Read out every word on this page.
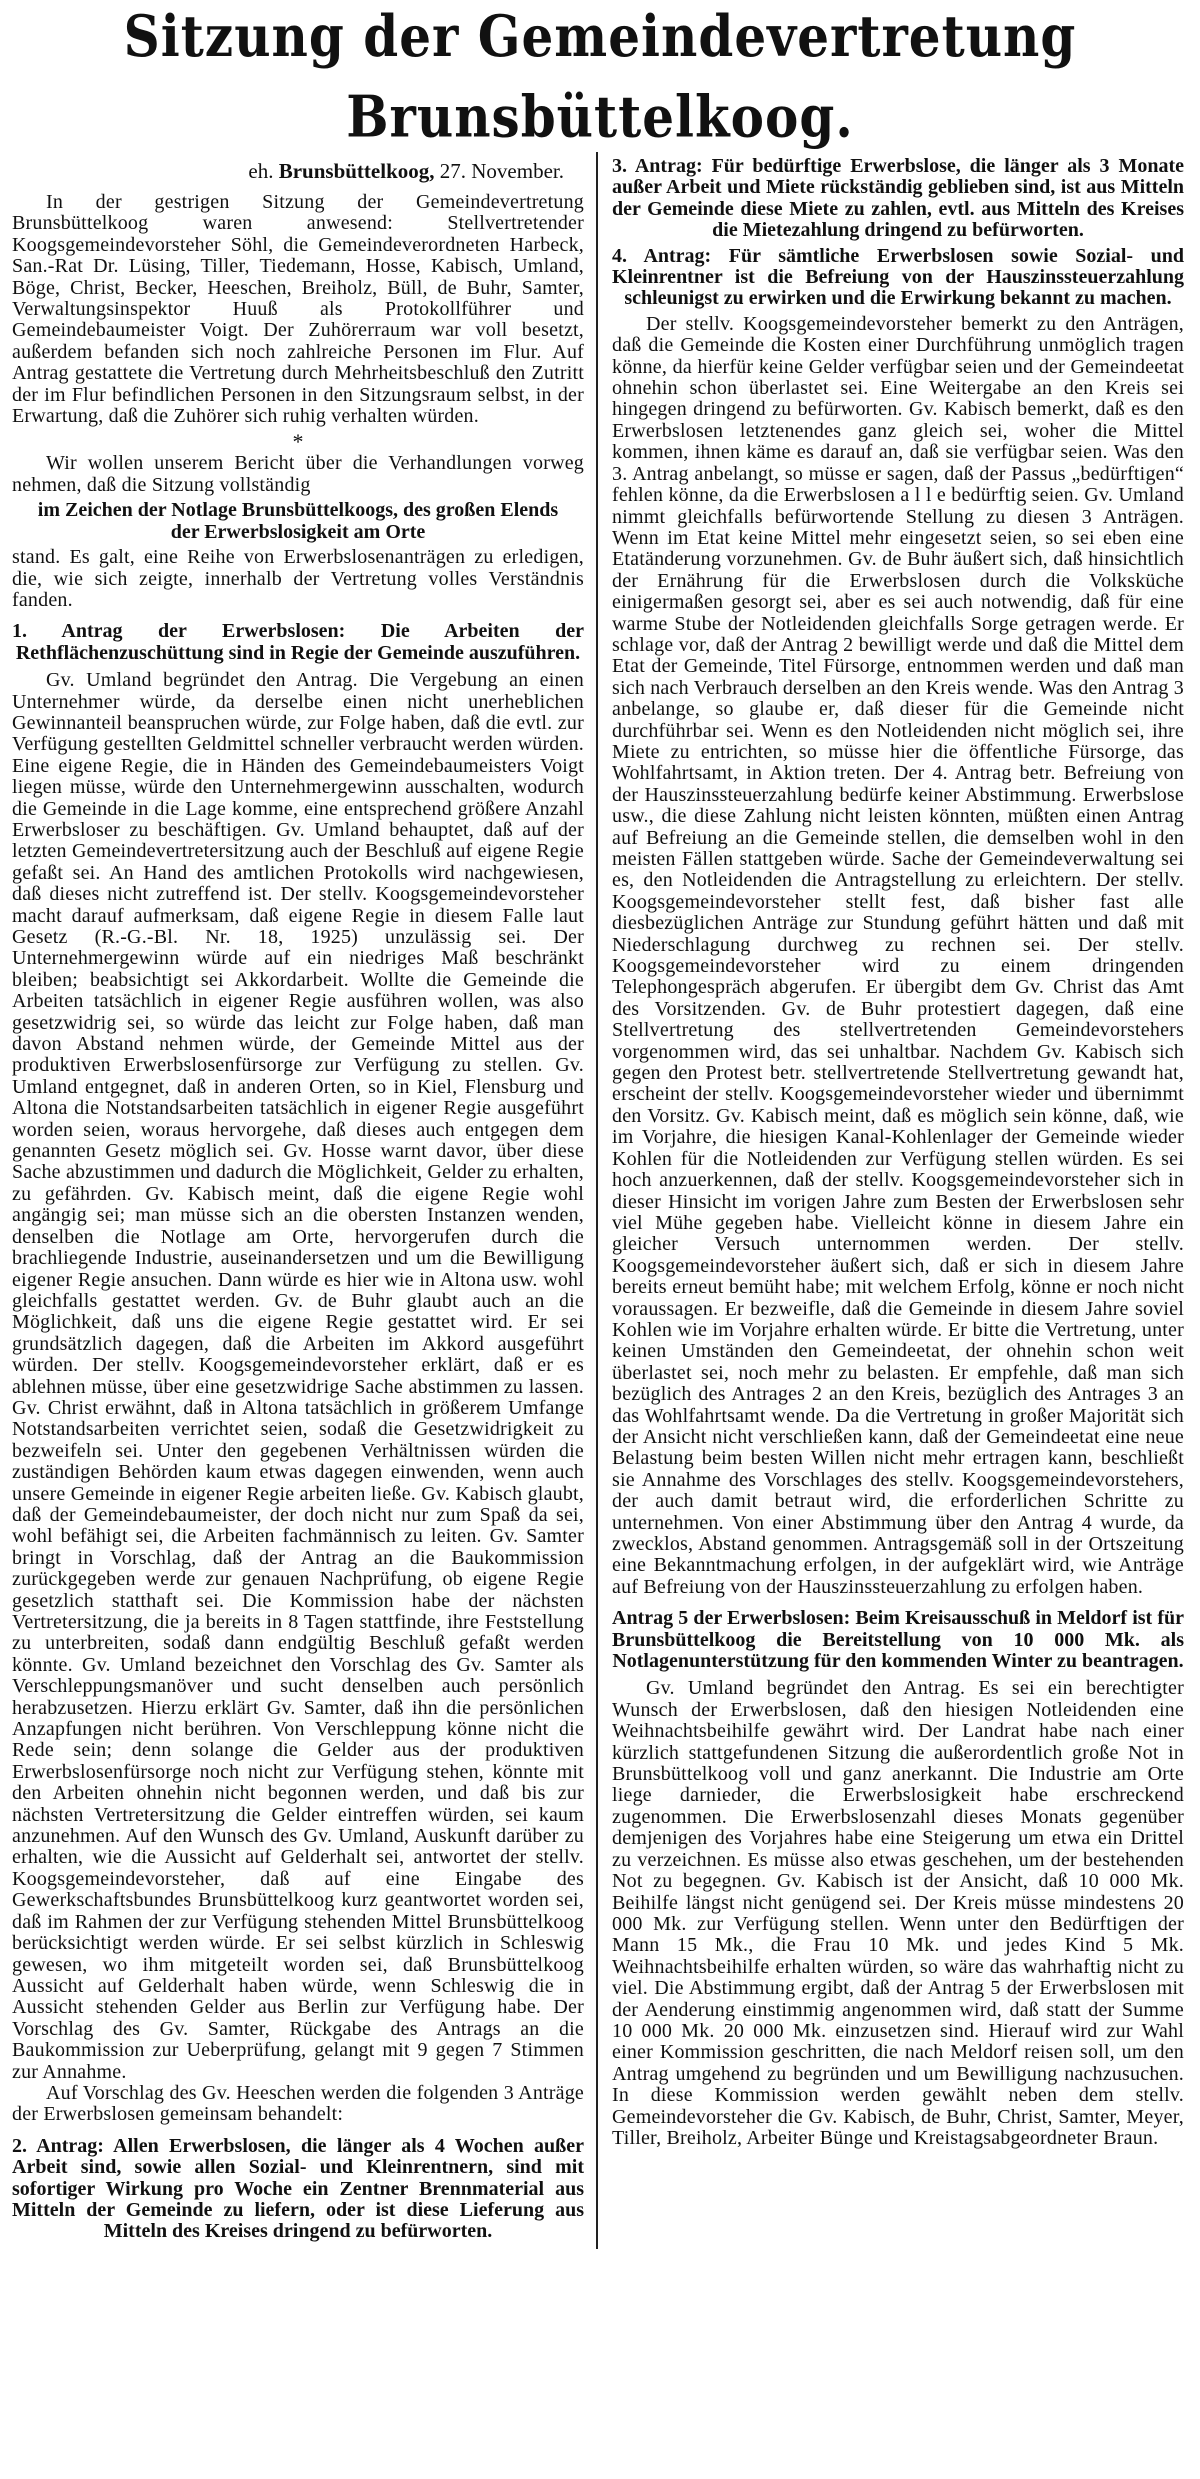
Sitzung der Gemeindevertretung Brunsbüttelkoog.
eh. Brunsbüttelkoog, 27. November.

In der gestrigen Sitzung der Gemeindevertretung Brunsbüttelkoog waren anwesend: Stellvertretender Koogsgemeindevorsteher Söhl, die Gemeindeverordneten Harbeck, San.-Rat Dr. Lüsing, Tiller, Tiedemann, Hosse, Kabisch, Umland, Böge, Christ, Becker, Heeschen, Breiholz, Büll, de Buhr, Samter, Verwaltungsinspektor Huuß als Protokollführer und Gemeindebaumeister Voigt. Der Zuhörerraum war voll besetzt, außerdem befanden sich noch zahlreiche Personen im Flur. Auf Antrag gestattete die Vertretung durch Mehrheitsbeschluß den Zutritt der im Flur befindlichen Personen in den Sitzungsraum selbst, in der Erwartung, daß die Zuhörer sich ruhig verhalten würden.

*

Wir wollen unserem Bericht über die Verhandlungen vorweg nehmen, daß die Sitzung vollständig

im Zeichen der Notlage Brunsbüttelkoogs, des großen Elends der Erwerbslosigkeit am Orte

stand. Es galt, eine Reihe von Erwerbslosenanträgen zu erledigen, die, wie sich zeigte, innerhalb der Vertretung volles Verständnis fanden.

1. Antrag der Erwerbslosen: Die Arbeiten der Rethflächenzuschüttung sind in Regie der Gemeinde auszuführen.

Gv. Umland begründet den Antrag. Die Vergebung an einen Unternehmer würde, da derselbe einen nicht unerheblichen Gewinnanteil beanspruchen würde, zur Folge haben, daß die evtl. zur Verfügung gestellten Geldmittel schneller verbraucht werden würden. Eine eigene Regie, die in Händen des Gemeindebaumeisters Voigt liegen müsse, würde den Unternehmergewinn ausschalten, wodurch die Gemeinde in die Lage komme, eine entsprechend größere Anzahl Erwerbsloser zu beschäftigen. Gv. Umland behauptet, daß auf der letzten Gemeindevertretersitzung auch der Beschluß auf eigene Regie gefaßt sei. An Hand des amtlichen Protokolls wird nachgewiesen, daß dieses nicht zutreffend ist. Der stellv. Koogsgemeindevorsteher macht darauf aufmerksam, daß eigene Regie in diesem Falle laut Gesetz (R.-G.-Bl. Nr. 18, 1925) unzulässig sei. Der Unternehmergewinn würde auf ein niedriges Maß beschränkt bleiben; beabsichtigt sei Akkordarbeit. Wollte die Gemeinde die Arbeiten tatsächlich in eigener Regie ausführen wollen, was also gesetzwidrig sei, so würde das leicht zur Folge haben, daß man davon Abstand nehmen würde, der Gemeinde Mittel aus der produktiven Erwerbslosenfürsorge zur Verfügung zu stellen. Gv. Umland entgegnet, daß in anderen Orten, so in Kiel, Flensburg und Altona die Notstandsarbeiten tatsächlich in eigener Regie ausgeführt worden seien, woraus hervorgehe, daß dieses auch entgegen dem genannten Gesetz möglich sei. Gv. Hosse warnt davor, über diese Sache abzustimmen und dadurch die Möglichkeit, Gelder zu erhalten, zu gefährden. Gv. Kabisch meint, daß die eigene Regie wohl angängig sei; man müsse sich an die obersten Instanzen wenden, denselben die Notlage am Orte, hervorgerufen durch die brachliegende Industrie, auseinandersetzen und um die Bewilligung eigener Regie ansuchen. Dann würde es hier wie in Altona usw. wohl gleichfalls gestattet werden. Gv. de Buhr glaubt auch an die Möglichkeit, daß uns die eigene Regie gestattet wird. Er sei grundsätzlich dagegen, daß die Arbeiten im Akkord ausgeführt würden. Der stellv. Koogsgemeindevorsteher erklärt, daß er es ablehnen müsse, über eine gesetzwidrige Sache abstimmen zu lassen. Gv. Christ erwähnt, daß in Altona tatsächlich in größerem Umfange Notstandsarbeiten verrichtet seien, sodaß die Gesetzwidrigkeit zu bezweifeln sei. Unter den gegebenen Verhältnissen würden die zuständigen Behörden kaum etwas dagegen einwenden, wenn auch unsere Gemeinde in eigener Regie arbeiten ließe. Gv. Kabisch glaubt, daß der Gemeindebaumeister, der doch nicht nur zum Spaß da sei, wohl befähigt sei, die Arbeiten fachmännisch zu leiten. Gv. Samter bringt in Vorschlag, daß der Antrag an die Baukommission zurückgegeben werde zur genauen Nachprüfung, ob eigene Regie gesetzlich statthaft sei. Die Kommission habe der nächsten Vertretersitzung, die ja bereits in 8 Tagen stattfinde, ihre Feststellung zu unterbreiten, sodaß dann endgültig Beschluß gefaßt werden könnte. Gv. Umland bezeichnet den Vorschlag des Gv. Samter als Verschleppungsmanöver und sucht denselben auch persönlich herabzusetzen. Hierzu erklärt Gv. Samter, daß ihn die persönlichen Anzapfungen nicht berühren. Von Verschleppung könne nicht die Rede sein; denn solange die Gelder aus der produktiven Erwerbslosenfürsorge noch nicht zur Verfügung stehen, könnte mit den Arbeiten ohnehin nicht begonnen werden, und daß bis zur nächsten Vertretersitzung die Gelder eintreffen würden, sei kaum anzunehmen. Auf den Wunsch des Gv. Umland, Auskunft darüber zu erhalten, wie die Aussicht auf Gelderhalt sei, antwortet der stellv. Koogsgemeindevorsteher, daß auf eine Eingabe des Gewerkschaftsbundes Brunsbüttelkoog kurz geantwortet worden sei, daß im Rahmen der zur Verfügung stehenden Mittel Brunsbüttelkoog berücksichtigt werden würde. Er sei selbst kürzlich in Schleswig gewesen, wo ihm mitgeteilt worden sei, daß Brunsbüttelkoog Aussicht auf Gelderhalt haben würde, wenn Schleswig die in Aussicht stehenden Gelder aus Berlin zur Verfügung habe. Der Vorschlag des Gv. Samter, Rückgabe des Antrags an die Baukommission zur Ueberprüfung, gelangt mit 9 gegen 7 Stimmen zur Annahme.

Auf Vorschlag des Gv. Heeschen werden die folgenden 3 Anträge der Erwerbslosen gemeinsam behandelt:

2. Antrag: Allen Erwerbslosen, die länger als 4 Wochen außer Arbeit sind, sowie allen Sozial- und Kleinrentnern, sind mit sofortiger Wirkung pro Woche ein Zentner Brennmaterial aus Mitteln der Gemeinde zu liefern, oder ist diese Lieferung aus Mitteln des Kreises dringend zu befürworten.
3. Antrag: Für bedürftige Erwerbslose, die länger als 3 Monate außer Arbeit und Miete rückständig geblieben sind, ist aus Mitteln der Gemeinde diese Miete zu zahlen, evtl. aus Mitteln des Kreises die Mietezahlung dringend zu befürworten.
4. Antrag: Für sämtliche Erwerbslosen sowie Sozial- und Kleinrentner ist die Befreiung von der Hauszinssteuerzahlung schleunigst zu erwirken und die Erwirkung bekannt zu machen.

Der stellv. Koogsgemeindevorsteher bemerkt zu den Anträgen, daß die Gemeinde die Kosten einer Durchführung unmöglich tragen könne, da hierfür keine Gelder verfügbar seien und der Gemeindeetat ohnehin schon überlastet sei. Eine Weitergabe an den Kreis sei hingegen dringend zu befürworten. Gv. Kabisch bemerkt, daß es den Erwerbslosen letztenendes ganz gleich sei, woher die Mittel kommen, ihnen käme es darauf an, daß sie verfügbar seien. Was den 3. Antrag anbelangt, so müsse er sagen, daß der Passus „bedürftigen“ fehlen könne, da die Erwerbslosen a l l e bedürftig seien. Gv. Umland nimmt gleichfalls befürwortende Stellung zu diesen 3 Anträgen. Wenn im Etat keine Mittel mehr eingesetzt seien, so sei eben eine Etatänderung vorzunehmen. Gv. de Buhr äußert sich, daß hinsichtlich der Ernährung für die Erwerbslosen durch die Volksküche einigermaßen gesorgt sei, aber es sei auch notwendig, daß für eine warme Stube der Notleidenden gleichfalls Sorge getragen werde. Er schlage vor, daß der Antrag 2 bewilligt werde und daß die Mittel dem Etat der Gemeinde, Titel Fürsorge, entnommen werden und daß man sich nach Verbrauch derselben an den Kreis wende. Was den Antrag 3 anbelange, so glaube er, daß dieser für die Gemeinde nicht durchführbar sei. Wenn es den Notleidenden nicht möglich sei, ihre Miete zu entrichten, so müsse hier die öffentliche Fürsorge, das Wohlfahrtsamt, in Aktion treten. Der 4. Antrag betr. Befreiung von der Hauszinssteuerzahlung bedürfe keiner Abstimmung. Erwerbslose usw., die diese Zahlung nicht leisten könnten, müßten einen Antrag auf Befreiung an die Gemeinde stellen, die demselben wohl in den meisten Fällen stattgeben würde. Sache der Gemeindeverwaltung sei es, den Notleidenden die Antragstellung zu erleichtern. Der stellv. Koogsgemeindevorsteher stellt fest, daß bisher fast alle diesbezüglichen Anträge zur Stundung geführt hätten und daß mit Niederschlagung durchweg zu rechnen sei. Der stellv. Koogsgemeindevorsteher wird zu einem dringenden Telephongespräch abgerufen. Er übergibt dem Gv. Christ das Amt des Vorsitzenden. Gv. de Buhr protestiert dagegen, daß eine Stellvertretung des stellvertretenden Gemeindevorstehers vorgenommen wird, das sei unhaltbar. Nachdem Gv. Kabisch sich gegen den Protest betr. stellvertretende Stellvertretung gewandt hat, erscheint der stellv. Koogsgemeindevorsteher wieder und übernimmt den Vorsitz. Gv. Kabisch meint, daß es möglich sein könne, daß, wie im Vorjahre, die hiesigen Kanal-Kohlenlager der Gemeinde wieder Kohlen für die Notleidenden zur Verfügung stellen würden. Es sei hoch anzuerkennen, daß der stellv. Koogsgemeindevorsteher sich in dieser Hinsicht im vorigen Jahre zum Besten der Erwerbslosen sehr viel Mühe gegeben habe. Vielleicht könne in diesem Jahre ein gleicher Versuch unternommen werden. Der stellv. Koogsgemeindevorsteher äußert sich, daß er sich in diesem Jahre bereits erneut bemüht habe; mit welchem Erfolg, könne er noch nicht voraussagen. Er bezweifle, daß die Gemeinde in diesem Jahre soviel Kohlen wie im Vorjahre erhalten würde. Er bitte die Vertretung, unter keinen Umständen den Gemeindeetat, der ohnehin schon weit überlastet sei, noch mehr zu belasten. Er empfehle, daß man sich bezüglich des Antrages 2 an den Kreis, bezüglich des Antrages 3 an das Wohlfahrtsamt wende. Da die Vertretung in großer Majorität sich der Ansicht nicht verschließen kann, daß der Gemeindeetat eine neue Belastung beim besten Willen nicht mehr ertragen kann, beschließt sie Annahme des Vorschlages des stellv. Koogsgemeindevorstehers, der auch damit betraut wird, die erforderlichen Schritte zu unternehmen. Von einer Abstimmung über den Antrag 4 wurde, da zwecklos, Abstand genommen. Antragsgemäß soll in der Ortszeitung eine Bekanntmachung erfolgen, in der aufgeklärt wird, wie Anträge auf Befreiung von der Hauszinssteuerzahlung zu erfolgen haben.

Antrag 5 der Erwerbslosen: Beim Kreisausschuß in Meldorf ist für Brunsbüttelkoog die Bereitstellung von 10 000 Mk. als Notlagenunterstützung für den kommenden Winter zu beantragen.

Gv. Umland begründet den Antrag. Es sei ein berechtigter Wunsch der Erwerbslosen, daß den hiesigen Notleidenden eine Weihnachtsbeihilfe gewährt wird. Der Landrat habe nach einer kürzlich stattgefundenen Sitzung die außerordentlich große Not in Brunsbüttelkoog voll und ganz anerkannt. Die Industrie am Orte liege darnieder, die Erwerbslosigkeit habe erschreckend zugenommen. Die Erwerbslosenzahl dieses Monats gegenüber demjenigen des Vorjahres habe eine Steigerung um etwa ein Drittel zu verzeichnen. Es müsse also etwas geschehen, um der bestehenden Not zu begegnen. Gv. Kabisch ist der Ansicht, daß 10 000 Mk. Beihilfe längst nicht genügend sei. Der Kreis müsse mindestens 20 000 Mk. zur Verfügung stellen. Wenn unter den Bedürftigen der Mann 15 Mk., die Frau 10 Mk. und jedes Kind 5 Mk. Weihnachtsbeihilfe erhalten würden, so wäre das wahrhaftig nicht zu viel. Die Abstimmung ergibt, daß der Antrag 5 der Erwerbslosen mit der Aenderung einstimmig angenommen wird, daß statt der Summe 10 000 Mk. 20 000 Mk. einzusetzen sind. Hierauf wird zur Wahl einer Kommission geschritten, die nach Meldorf reisen soll, um den Antrag umgehend zu begründen und um Bewilligung nachzusuchen. In diese Kommission werden gewählt neben dem stellv. Gemeindevorsteher die Gv. Kabisch, de Buhr, Christ, Samter, Meyer, Tiller, Breiholz, Arbeiter Bünge und Kreistagsabgeordneter Braun.
